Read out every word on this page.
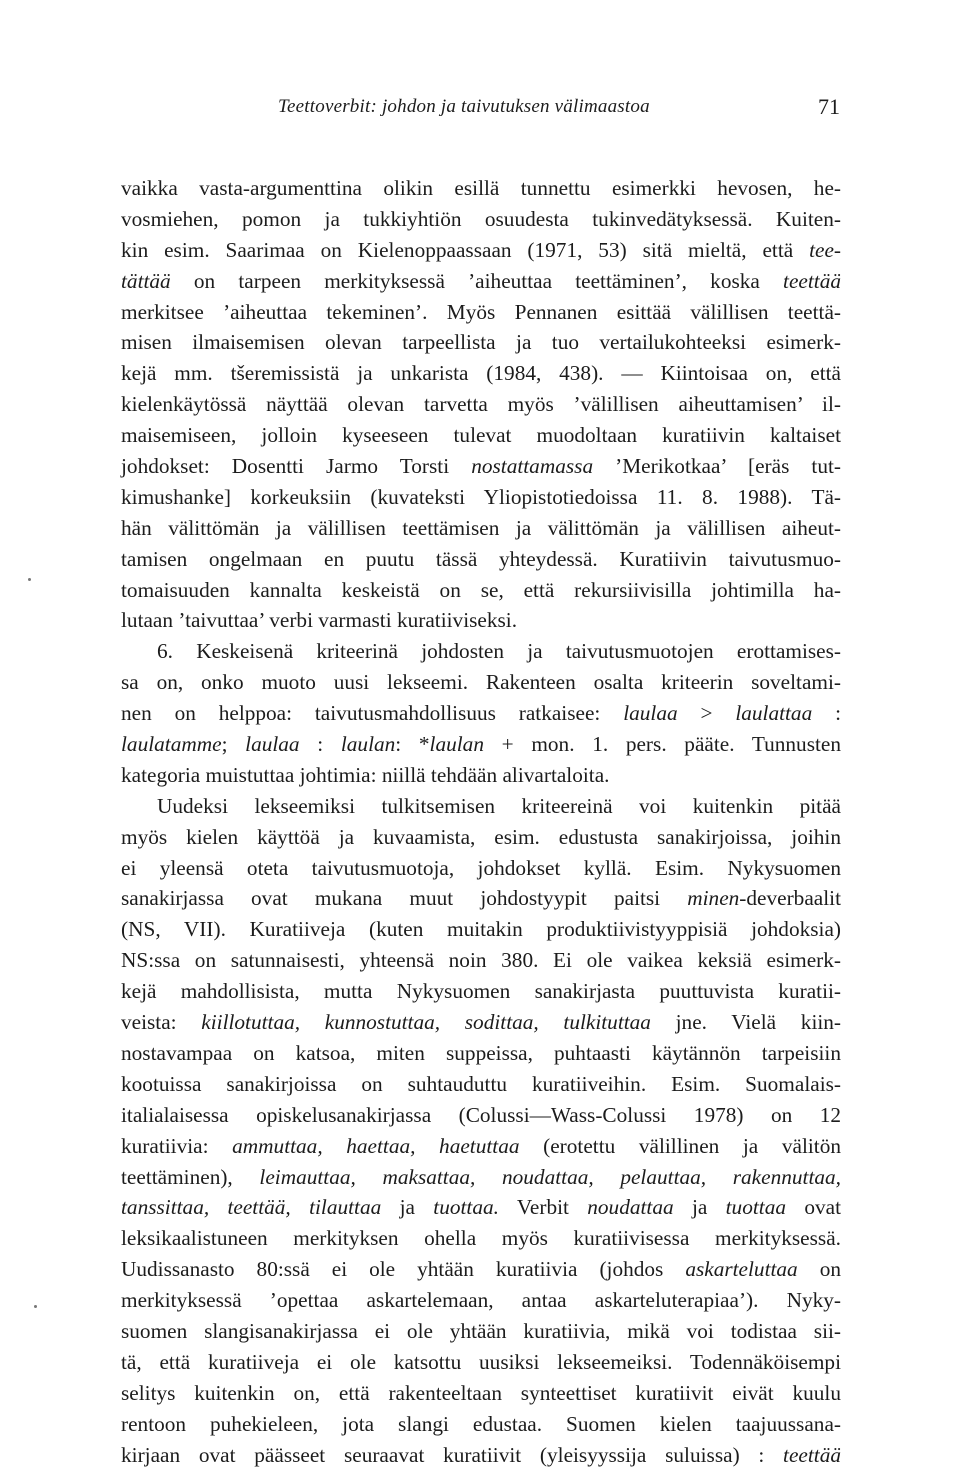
Teettoverbit: johdon ja taivutuksen välimaastoa	71
vaikka vasta-argumenttina olikin esillä tunnettu esimerkki hevosen, he-
vosmiehen, pomon ja tukkiyhtiön osuudesta tukinvedätyksessä. Kuiten-
kin esim. Saarimaa on Kielenoppaassaan (1971, 53) sitä mieltä, että tee-
tättää on tarpeen merkityksessä ’aiheuttaa teettäminen’, koska teettää
merkitsee ’aiheuttaa tekeminen’. Myös Pennanen esittää välillisen teettä-
misen ilmaisemisen olevan tarpeellista ja tuo vertailukohteeksi esimerk-
kejä mm. tšeremissistä ja unkarista (1984, 438). — Kiintoisaa on, että
kielenkäytössä näyttää olevan tarvetta myös ’välillisen aiheuttamisen’ il-
maisemiseen, jolloin kyseeseen tulevat muodoltaan kuratiivin kaltaiset
johdokset: Dosentti Jarmo Torsti nostattamassa ’Merikotkaa’ [eräs tut-
kimushanke] korkeuksiin (kuvateksti Yliopistotiedoissa 11. 8. 1988). Tä-
hän välittömän ja välillisen teettämisen ja välittömän ja välillisen aiheut-
tamisen ongelmaan en puutu tässä yhteydessä. Kuratiivin taivutusmuo-
tomaisuuden kannalta keskeistä on se, että rekursiivisilla johtimilla ha-
lutaan ’taivuttaa’ verbi varmasti kuratiiviseksi.
6. Keskeisenä kriteerinä johdosten ja taivutusmuotojen erottamises-
sa on, onko muoto uusi lekseemi. Rakenteen osalta kriteerin soveltami-
nen on helppoa: taivutusmahdollisuus ratkaisee: laulaa > laulattaa :
laulatamme; laulaa : laulan: *laulan + mon. 1. pers. pääte. Tunnusten
kategoria muistuttaa johtimia: niillä tehdään alivartaloita.
Uudeksi lekseemiksi tulkitsemisen kriteereinä voi kuitenkin pitää
myös kielen käyttöä ja kuvaamista, esim. edustusta sanakirjoissa, joihin
ei yleensä oteta taivutusmuotoja, johdokset kyllä. Esim. Nykysuomen
sanakirjassa ovat mukana muut johdostyypit paitsi minen-deverbaalit
(NS, VII). Kuratiiveja (kuten muitakin produktiivistyyppisiä johdoksia)
NS:ssa on satunnaisesti, yhteensä noin 380. Ei ole vaikea keksiä esimerk-
kejä mahdollisista, mutta Nykysuomen sanakirjasta puuttuvista kuratii-
veista: kiillotuttaa, kunnostuttaa, sodittaa, tulkituttaa jne. Vielä kiin-
nostavampaa on katsoa, miten suppeissa, puhtaasti käytännön tarpeisiin
kootuissa sanakirjoissa on suhtauduttu kuratiiveihin. Esim. Suomalais-
italialaisessa opiskelusanakirjassa (Colussi—Wass-Colussi 1978) on 12
kuratiivia: ammuttaa, haettaa, haetuttaa (erotettu välillinen ja välitön
teettäminen), leimauttaa, maksattaa, noudattaa, pelauttaa, rakennuttaa,
tanssittaa, teettää, tilauttaa ja tuottaa. Verbit noudattaa ja tuottaa ovat
leksikaalistuneen merkityksen ohella myös kuratiivisessa merkityksessä.
Uudissanasto 80:ssä ei ole yhtään kuratiivia (johdos askarteluttaa on
merkityksessä ’opettaa askartelemaan, antaa askarteluterapiaa’). Nyky-
suomen slangisanakirjassa ei ole yhtään kuratiivia, mikä voi todistaa sii-
tä, että kuratiiveja ei ole katsottu uusiksi lekseemeiksi. Todennäköisempi
selitys kuitenkin on, että rakenteeltaan synteettiset kuratiivit eivät kuulu
rentoon puhekieleen, jota slangi edustaa. Suomen kielen taajuussana-
kirjaan ovat päässeet seuraavat kuratiivit (yleisyyssija suluissa) : teettää
